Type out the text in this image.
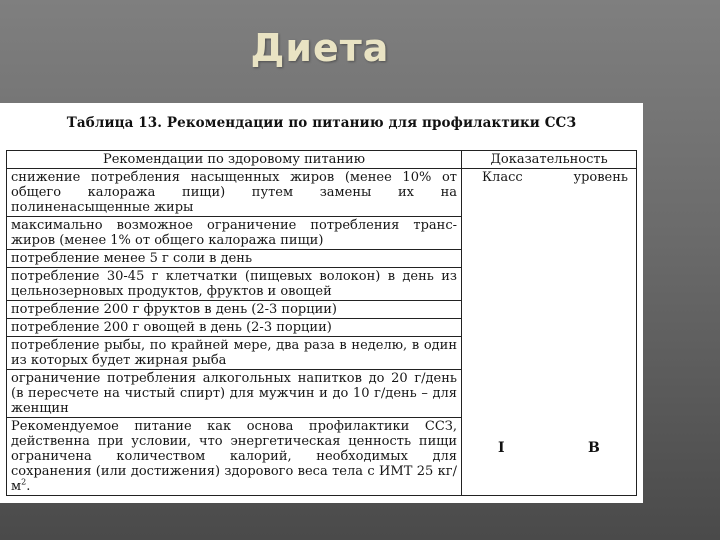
Диета
Таблица 13. Рекомендации по питанию для профилактики ССЗ
Рекомендации по здоровому питанию	Доказательность
снижение потребления насыщенных жиров (менее 10% от общего калоража пищи) путем замены их на полиненасыщенные жиры	Класс уровень

максимально возможное ограничение потребления транс-жиров (менее 1% от общего калоража пищи)	
потребление менее 5 г соли в день	
потребление 30-45 г клетчатки (пищевых волокон) в день из цельнозерновых продуктов, фруктов и овощей	
потребление 200 г фруктов в день (2-3 порции)	
потребление 200 г овощей в день (2-3 порции)	
потребление рыбы, по крайней мере, два раза в неделю, в один из которых будет жирная рыба	
ограничение потребления алкогольных напитков до 20 г/день (в пересчете на чистый спирт) для мужчин и до 10 г/день – для женщин	
Рекомендуемое питание как основа профилактики ССЗ, действенна при условии, что энергетическая ценность пищи ограничена количеством калорий, необходимых для сохранения (или достижения) здорового веса тела с ИМТ 25 $кг/м^2$.	
I	B
